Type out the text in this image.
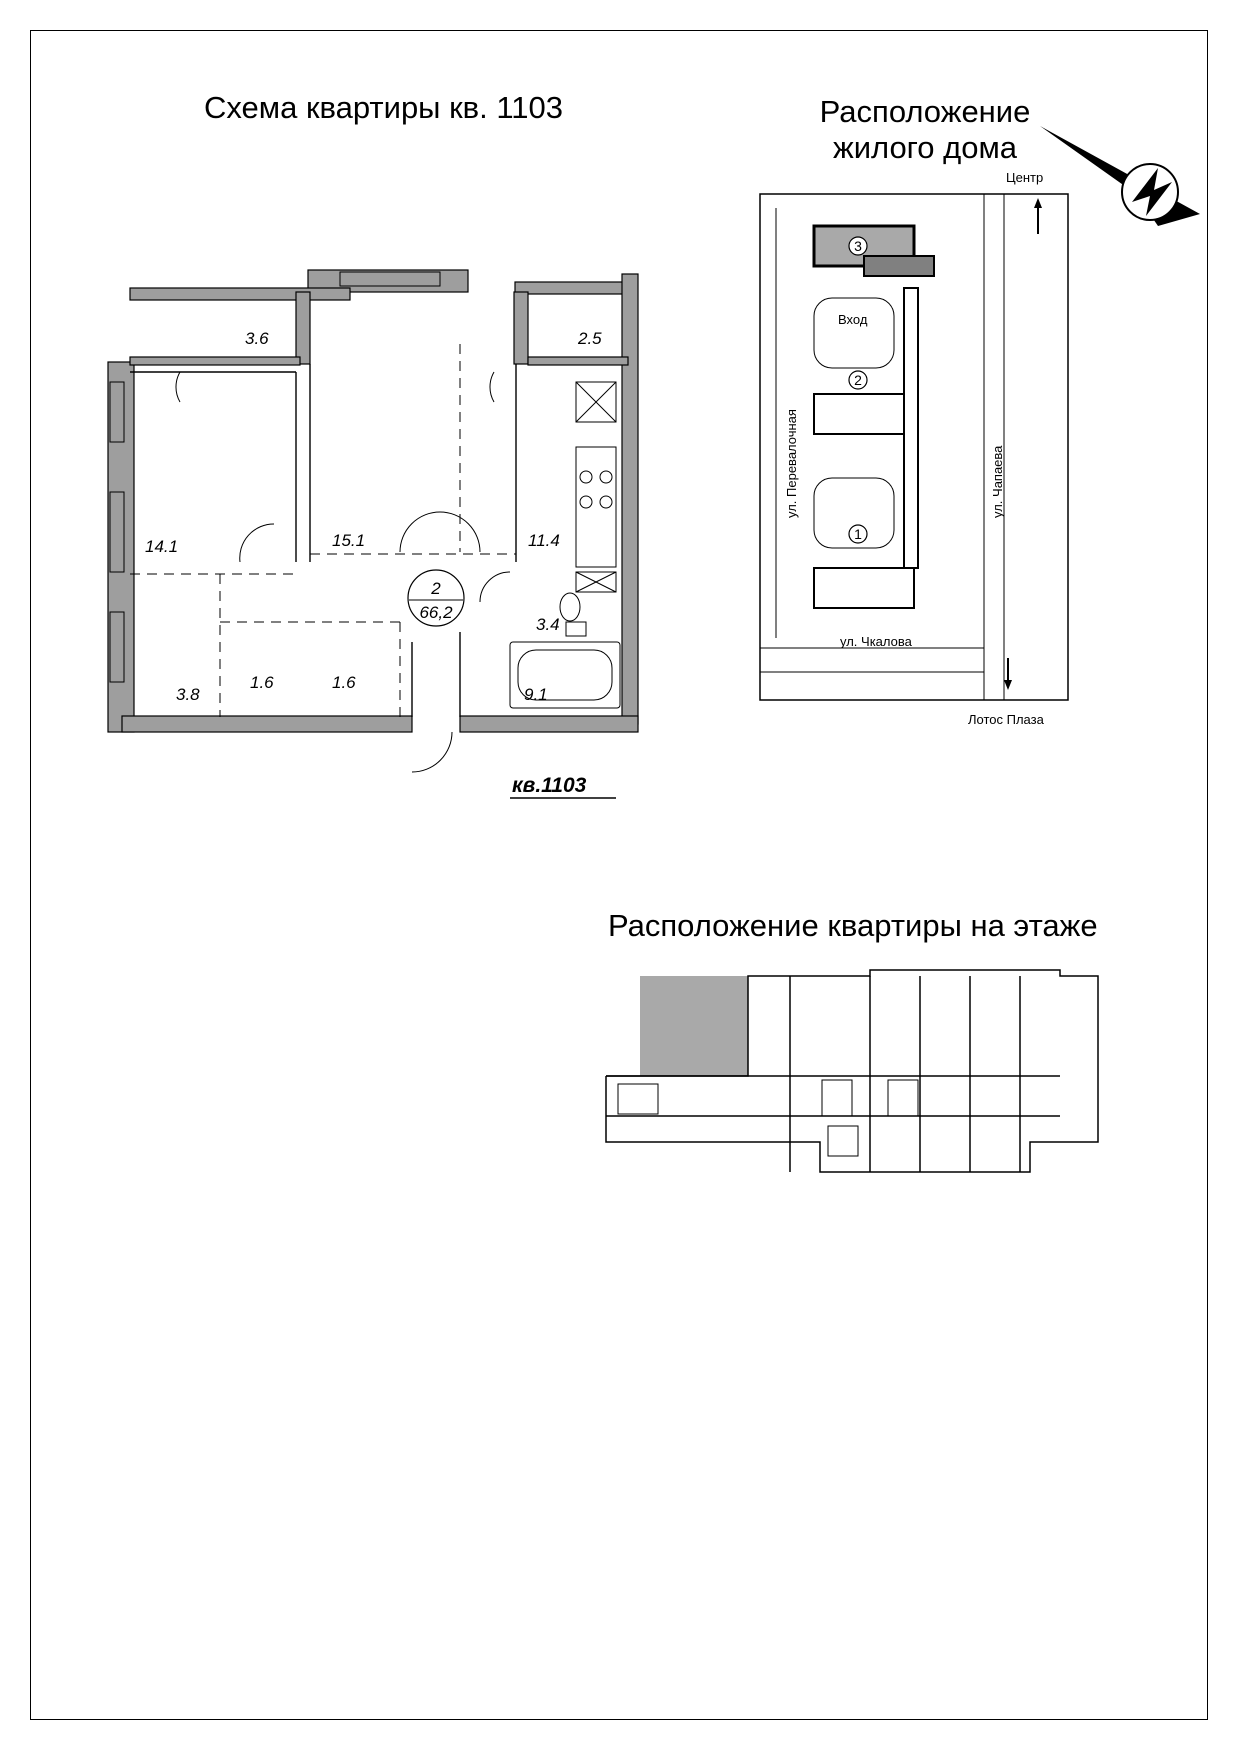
Схема квартиры кв. 1103	Расположение
жилого дома
Расположение квартиры на этаже
3.6	2.5
14.1	15.1	11.4
3.4
3.8
1.6	1.6
9.1
2
66,2
кв.1103
Центр
3
2
1
Вход
ул. Перевалочная	ул. Чапаева
ул. Чкалова
Лотос Плаза
